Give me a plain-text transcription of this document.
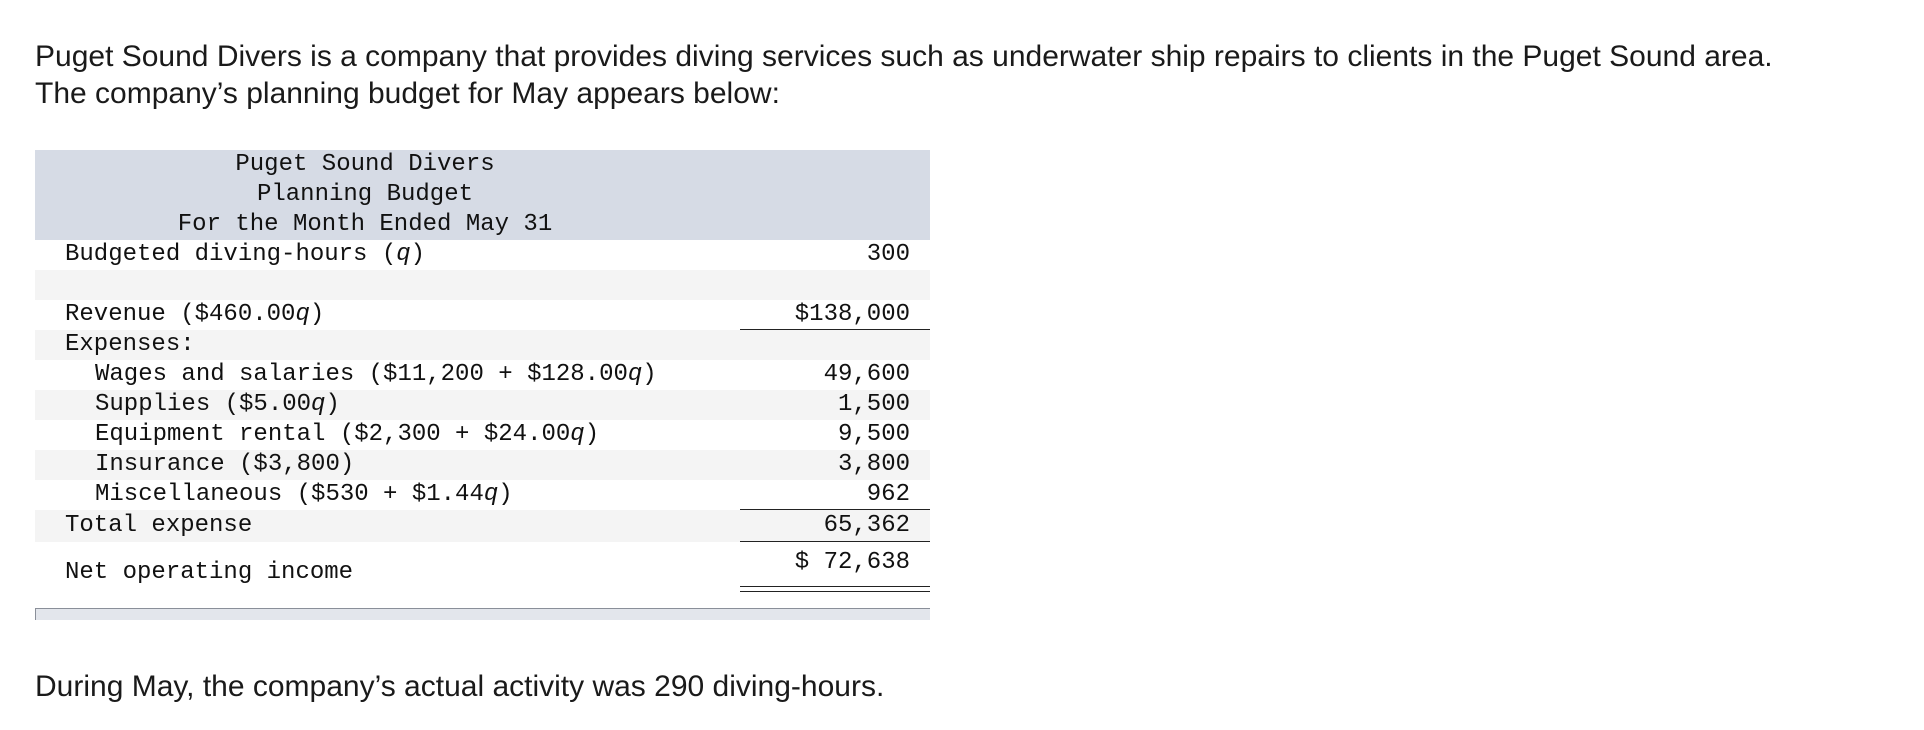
Puget Sound Divers is a company that provides diving services such as underwater ship repairs to clients in the Puget Sound area.

The company’s planning budget for May appears below:

Puget Sound Divers
Planning Budget
For the Month Ended May 31
Budgeted diving-hours (q)	300
Revenue ($460.00q)	$138,000
Expenses:
Wages and salaries ($11,200 + $128.00q)	49,600
Supplies ($5.00q)	1,500
Equipment rental ($2,300 + $24.00q)	9,500
Insurance ($3,800)	3,800
Miscellaneous ($530 + $1.44q)	962
Total expense	65,362
Net operating income	$ 72,638

During May, the company’s actual activity was 290 diving-hours.
